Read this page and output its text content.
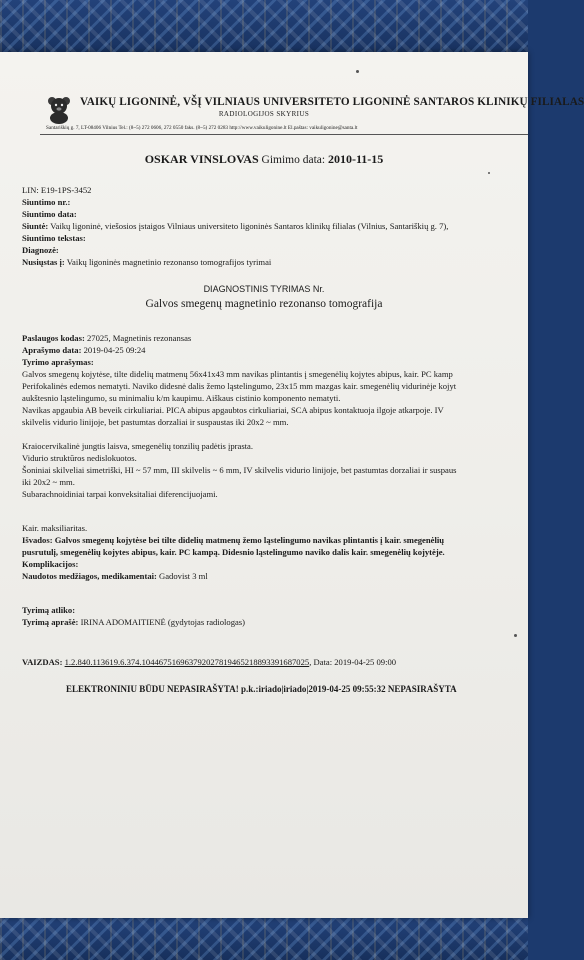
VAIKŲ LIGONINĖ, VŠĮ VILNIAUS UNIVERSITETO LIGONINĖ SANTAROS KLINIKŲ FILIALAS
RADIOLOGIJOS SKYRIUS
Santariškių g. 7, LT-08406 Vilnius Tel.: (8~5) 272 0606, 272 0550 faks. (8~5) 272 0283 http://www.vaikuligonine.lt El.paštas: vaikuligonine@santa.lt
OSKAR VINSLOVAS Gimimo data: 2010-11-15
LIN: E19-1PS-3452
Siuntimo nr.:
Siuntimo data:
Siuntė: Vaikų ligoninė, viešosios įstaigos Vilniaus universiteto ligoninės Santaros klinikų filialas (Vilnius, Santariškių g. 7),
Siuntimo tekstas:
Diagnozė:
Nusiųstas į: Vaikų ligoninės magnetinio rezonanso tomografijos tyrimai
DIAGNOSTINIS TYRIMAS Nr.
Galvos smegenų magnetinio rezonanso tomografija
Paslaugos kodas: 27025, Magnetinis rezonansas
Aprašymo data: 2019-04-25 09:24
Tyrimo aprašymas:
Galvos smegenų kojytėse, tilte didelių matmenų 56x41x43 mm navikas plintantis į smegenėlių kojytes abipus, kair. PC kamp
Perifokalinės edemos nematyti. Naviko didesnė dalis žemo ląstelingumo, 23x15 mm mazgas kair. smegenėlių vidurinėje kojyt
aukštesnio ląstelingumo, su minimaliu k/m kaupimu. Aiškaus cistinio komponento nematyti.
Navikas apgaubia AB beveik cirkuliariai. PICA abipus apgaubtos cirkuliariai, SCA abipus kontaktuoja ilgoje atkarpoje. IV
skilvelis vidurio linijoje, bet pastumtas dorzaliai ir suspaustas iki 20x2 ~ mm.
Kraiocervikalinė jungtis laisva, smegenėlių tonzilių padėtis įprasta.
Vidurio struktūros nedislokuotos.
Šoniniai skilveliai simetriški, HI ~ 57 mm, III skilvelis ~ 6 mm, IV skilvelis vidurio linijoje, bet pastumtas dorzaliai ir suspaus
iki 20x2 ~ mm.
Subarachnoidiniai tarpai konveksitaliai diferencijuojami.
Kair. maksiliaritas.
Išvados: Galvos smegenų kojytėse bei tilte didelių matmenų žemo ląstelingumo navikas plintantis į kair. smegenėlių
pusrutulį, smegenėlių kojytes abipus, kair. PC kampą. Didesnio ląstelingumo naviko dalis kair. smegenėlių kojytėje.
Komplikacijos:
Naudotos medžiagos, medikamentai: Gadovist 3 ml
Tyrimą atliko:
Tyrimą aprašė: IRINA ADOMAITIENĖ (gydytojas radiologas)
VAIZDAS: 1.2.840.113619.6.374.104467516963792027819465218893391687025, Data: 2019-04-25 09:00
ELEKTRONINIU BŪDU NEPASIRAŠYTA! p.k.:iriado|iriado|2019-04-25 09:55:32 NEPASIRAŠYTA
